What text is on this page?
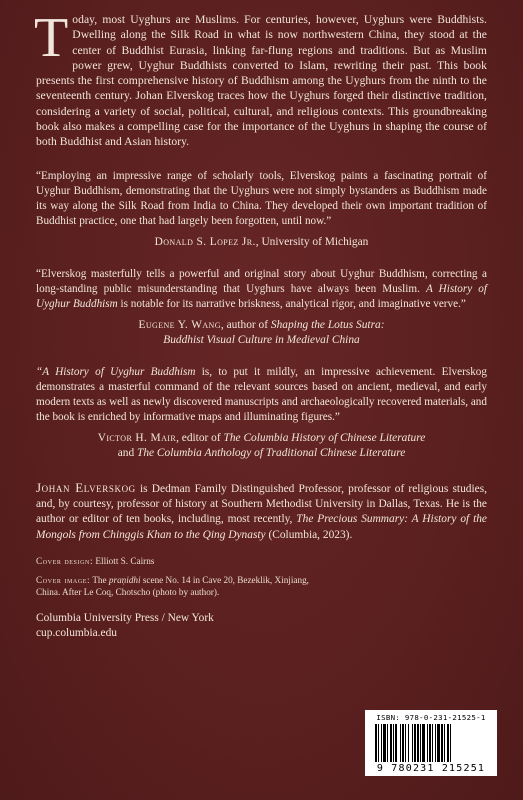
Today, most Uyghurs are Muslims. For centuries, however, Uyghurs were Buddhists. Dwelling along the Silk Road in what is now northwestern China, they stood at the center of Buddhist Eurasia, linking far-flung regions and traditions. But as Muslim power grew, Uyghur Buddhists converted to Islam, rewriting their past. This book presents the first comprehensive history of Buddhism among the Uyghurs from the ninth to the seventeenth century. Johan Elverskog traces how the Uyghurs forged their distinctive tradition, considering a variety of social, political, cultural, and religious contexts. This groundbreaking book also makes a compelling case for the importance of the Uyghurs in shaping the course of both Buddhist and Asian history.

“Employing an impressive range of scholarly tools, Elverskog paints a fascinating portrait of Uyghur Buddhism, demonstrating that the Uyghurs were not simply bystanders as Buddhism made its way along the Silk Road from India to China. They developed their own important tradition of Buddhist practice, one that had largely been forgotten, until now.”

Donald S. Lopez Jr., University of Michigan

“Elverskog masterfully tells a powerful and original story about Uyghur Buddhism, correcting a long-standing public misunderstanding that Uyghurs have always been Muslim. A History of Uyghur Buddhism is notable for its narrative briskness, analytical rigor, and imaginative verve.”

Eugene Y. Wang, author of Shaping the Lotus Sutra:
Buddhist Visual Culture in Medieval China

“A History of Uyghur Buddhism is, to put it mildly, an impressive achievement. Elverskog demonstrates a masterful command of the relevant sources based on ancient, medieval, and early modern texts as well as newly discovered manuscripts and archaeologically recovered materials, and the book is enriched by informative maps and illuminating figures.”

Victor H. Mair, editor of The Columbia History of Chinese Literature
and The Columbia Anthology of Traditional Chinese Literature

Johan Elverskog is Dedman Family Distinguished Professor, professor of religious studies, and, by courtesy, professor of history at Southern Methodist University in Dallas, Texas. He is the author or editor of ten books, including, most recently, The Precious Summary: A History of the Mongols from Chinggis Khan to the Qing Dynasty (Columbia, 2023).

Cover design: Elliott S. Cairns

Cover image: The praṇidhi scene No. 14 in Cave 20, Bezeklik, Xinjiang, China. After Le Coq, Chotscho (photo by author).

Columbia University Press / New York

cup.columbia.edu

ISBN: 978-0-231-21525-1
9 780231 215251
